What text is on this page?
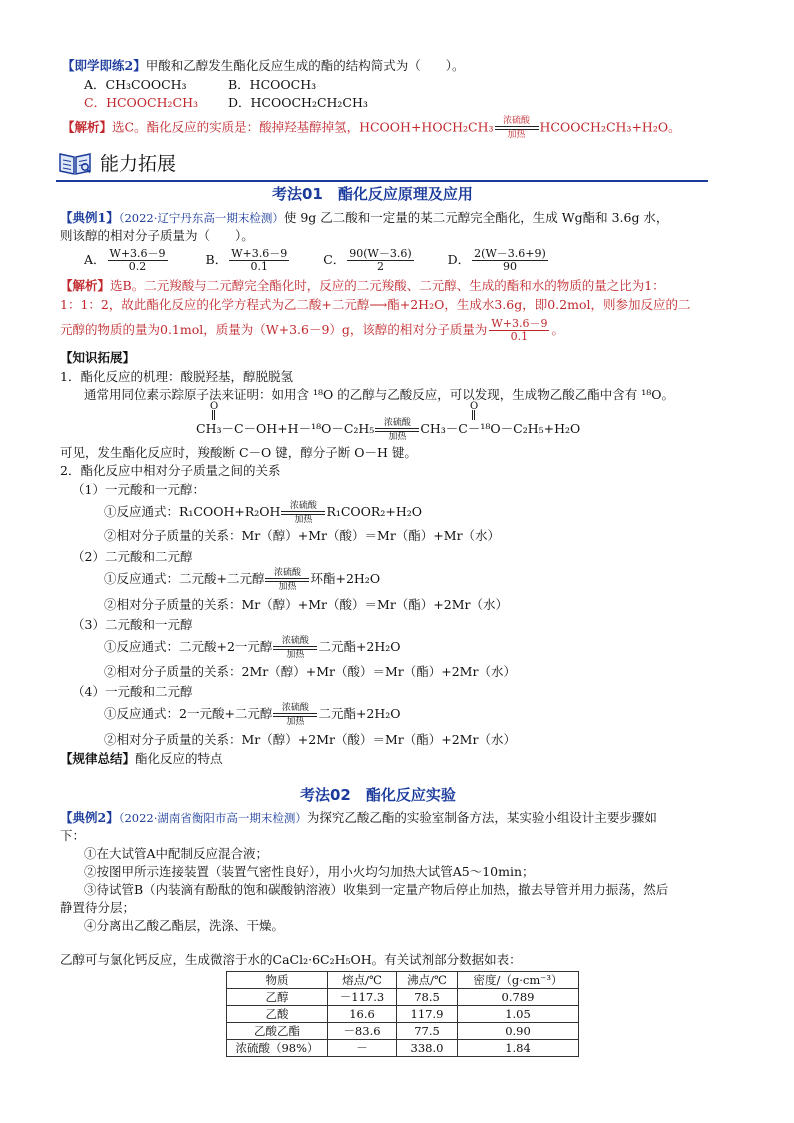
【即学即练2】甲酸和乙醇发生酯化反应生成的酯的结构简式为（　　）。
A．CH₃COOCH₃	B．HCOOCH₃
C．HCOOCH₂CH₃ D．HCOOCH₂CH₂CH₃
【解析】选C。酯化反应的实质是：酸掉羟基醇掉氢，HCOOH+HOCH₂CH₃	浓硫酸
加热
HCOOCH₂CH₃+H₂O。
能力拓展
考法01　酯化反应原理及应用
【典例1】（2022·辽宁丹东高一期末检测）使 9g 乙二酸和一定量的某二元醇完全酯化，生成 Wg酯和 3.6g 水，
则该醇的相对分子质量为（　　）。
A． $\frac{W+3.6-9}{0.2}$	B． $\frac{W+3.6-9}{0.1}$	C． $\frac{90(W-3.6)}{2}$	D． $\frac{2(W-3.6+9)}{90}$
【解析】选B。二元羧酸与二元醇完全酯化时，反应的二元羧酸、二元醇、生成的酯和水的物质的量之比为1：
1：1：2，故此酯化反应的化学方程式为乙二酸+二元醇⟶酯+2H₂O，生成水3.6g，即0.2mol，则参加反应的二
元醇的物质的量为0.1mol，质量为（W+3.6－9）g，该醇的相对分子质量为 $\frac{W+3.6-9}{0.1}$ 。
【知识拓展】
1．酯化反应的机理：酸脱羟基，醇脱脱氢
通常用同位素示踪原子法来证明：如用含 ¹⁸O 的乙醇与乙酸反应，可以发现，生成物乙酸乙酯中含有 ¹⁸O。
O	O
CH₃－C－OH+H－¹⁸O－C₂H₅	浓硫酸
加热
CH₃－C－¹⁸O－C₂H₅+H₂O
可见，发生酯化反应时，羧酸断 C－O 键，醇分子断 O－H 键。
2．酯化反应中相对分子质量之间的关系
（1）一元酸和一元醇：
①反应通式：R₁COOH+R₂OH	浓硫酸
加热
R₁COOR₂+H₂O
②相对分子质量的关系：Mr（醇）+Mr（酸）＝Mr（酯）+Mr（水）
（2）二元酸和二元醇
①反应通式：二元酸+二元醇	浓硫酸
加热
环酯+2H₂O
②相对分子质量的关系：Mr（醇）+Mr（酸）＝Mr（酯）+2Mr（水）
（3）二元酸和一元醇
①反应通式：二元酸+2一元醇	浓硫酸
加热
二元酯+2H₂O
②相对分子质量的关系：2Mr（醇）+Mr（酸）＝Mr（酯）+2Mr（水）
（4）一元酸和二元醇
①反应通式：2一元酸+二元醇	浓硫酸
加热
二元酯+2H₂O
②相对分子质量的关系：Mr（醇）+2Mr（酸）＝Mr（酯）+2Mr（水）
【规律总结】酯化反应的特点
考法02　酯化反应实验
【典例2】（2022·湖南省衡阳市高一期末检测）为探究乙酸乙酯的实验室制备方法，某实验小组设计主要步骤如
下：
①在大试管A中配制反应混合液；
②按图甲所示连接装置（装置气密性良好），用小火均匀加热大试管A5～10min；
③待试管B（内装滴有酚酞的饱和碳酸钠溶液）收集到一定量产物后停止加热，撤去导管并用力振荡，然后
静置待分层；
④分离出乙酸乙酯层，洗涤、干燥。
乙醇可与氯化钙反应，生成微溶于水的CaCl₂·6C₂H₅OH。有关试剂部分数据如表：
物质	熔点/℃	沸点/℃	密度/（g·cm⁻³）
乙醇	－117.3	78.5	0.789
乙酸	16.6	117.9	1.05
乙酸乙酯	－83.6	77.5	0.90
浓硫酸（98%）	－	338.0	1.84
